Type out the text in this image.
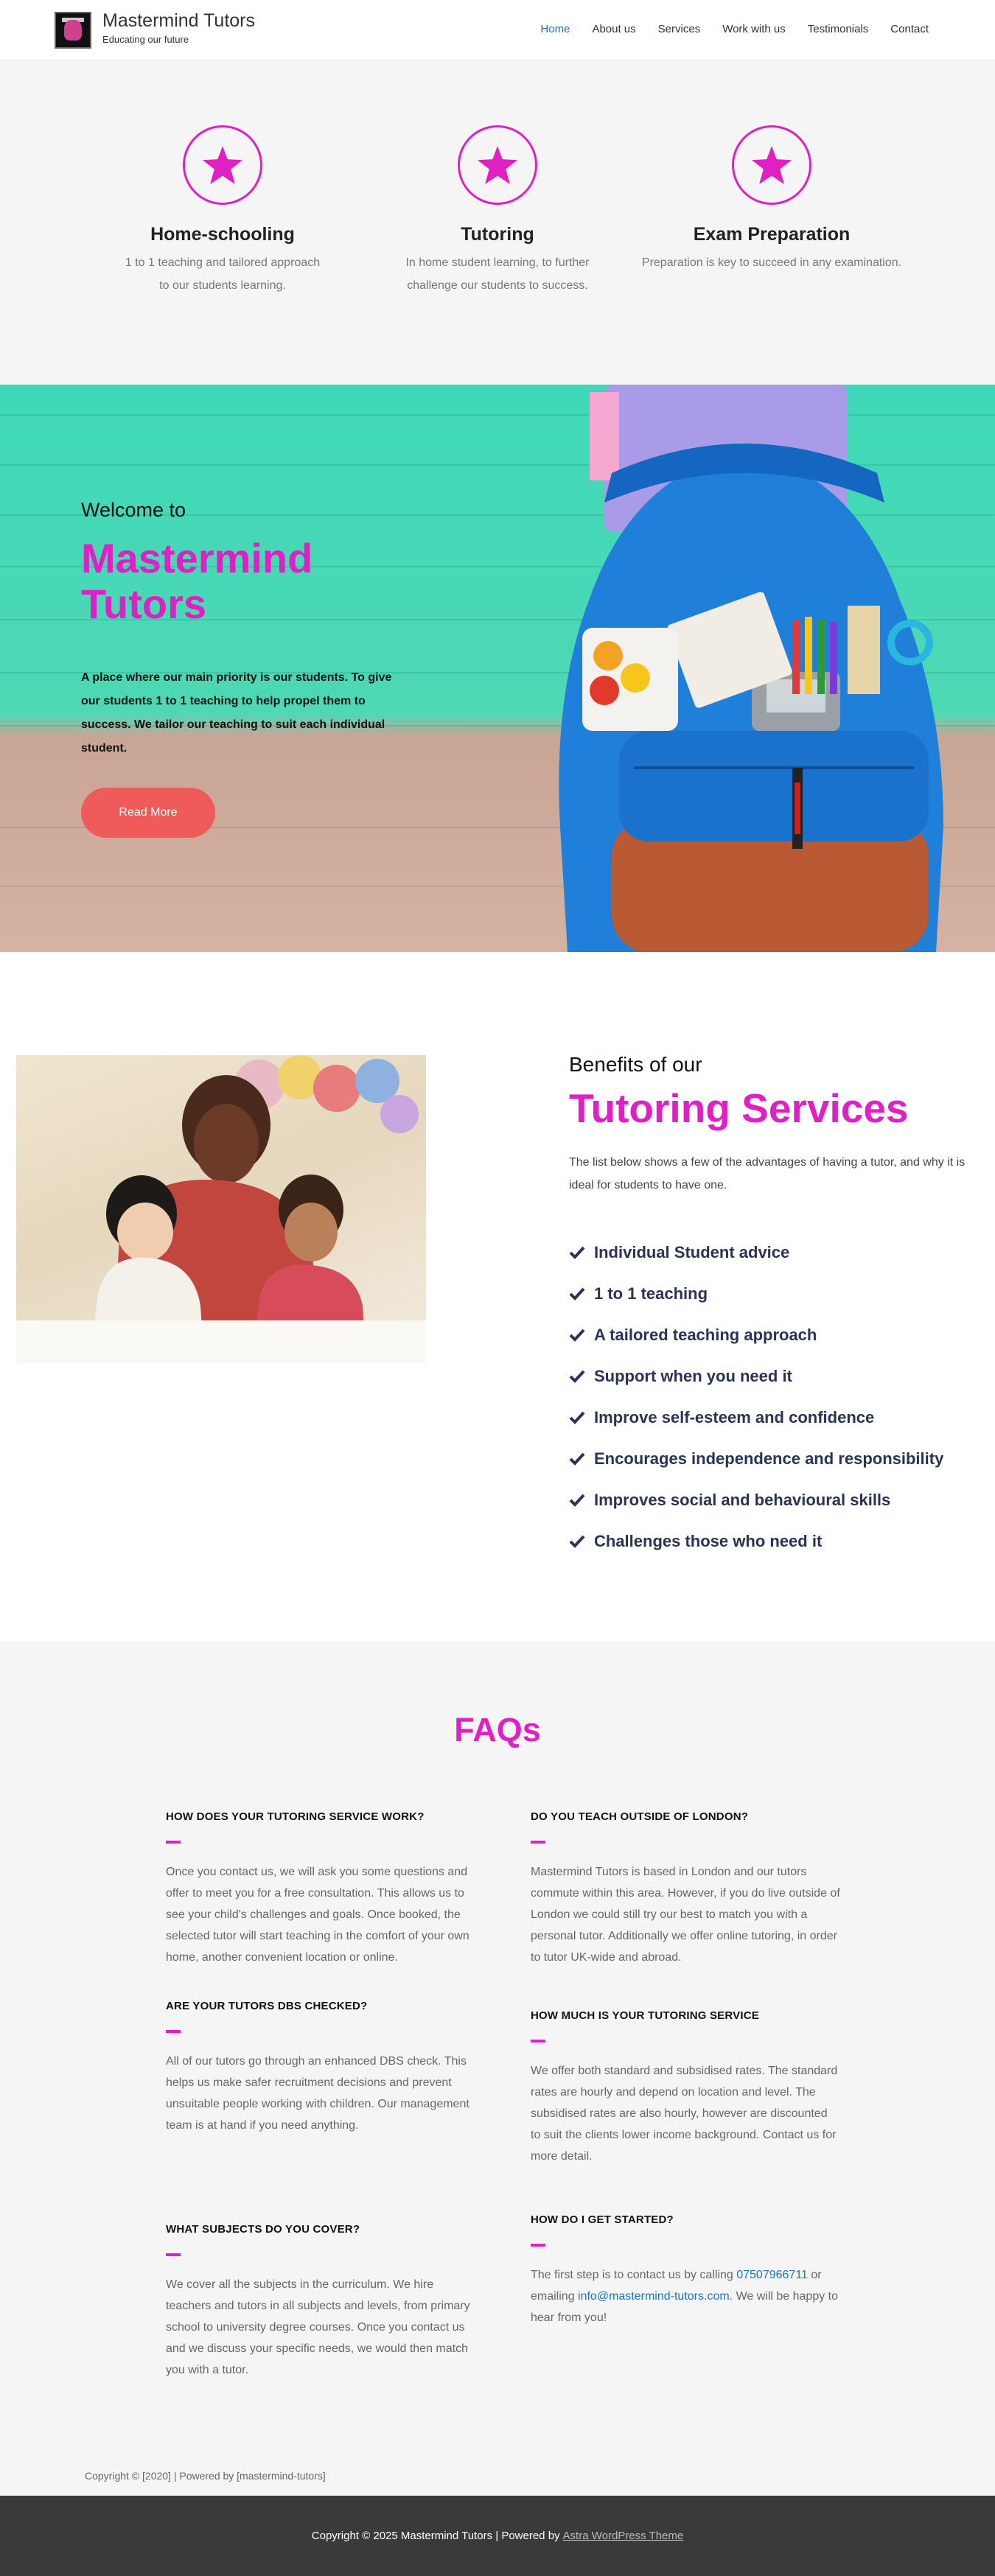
Mastermind Tutors
Educating our future
Home About us Services Work with us Testimonials Contact
Home-schooling

1 to 1 teaching and tailored approach to our students learning.

Tutoring

In home student learning, to further challenge our students to success.

Exam Preparation

Preparation is key to succeed in any examination.

Welcome to
Mastermind Tutors
A place where our main priority is our students. To give our students 1 to 1 teaching to help propel them to success. We tailor our teaching to suit each individual student.
Read More
Benefits of our
Tutoring Services
The list below shows a few of the advantages of having a tutor, and why it is ideal for students to have one.
Individual Student advice
1 to 1 teaching
A tailored teaching approach
Support when you need it
Improve self-esteem and confidence
Encourages independence and responsibility
Improves social and behavioural skills
Challenges those who need it
FAQs
HOW DOES YOUR TUTORING SERVICE WORK?

Once you contact us, we will ask you some questions and offer to meet you for a free consultation. This allows us to see your child's challenges and goals. Once booked, the selected tutor will start teaching in the comfort of your own home, another convenient location or online.

DO YOU TEACH OUTSIDE OF LONDON?

Mastermind Tutors is based in London and our tutors commute within this area. However, if you do live outside of London we could still try our best to match you with a personal tutor. Additionally we offer online tutoring, in order to tutor UK-wide and abroad.

ARE YOUR TUTORS DBS CHECKED?

All of our tutors go through an enhanced DBS check. This helps us make safer recruitment decisions and prevent unsuitable people working with children. Our management team is at hand if you need anything.

HOW MUCH IS YOUR TUTORING SERVICE

We offer both standard and subsidised rates. The standard rates are hourly and depend on location and level. The subsidised rates are also hourly, however are discounted to suit the clients lower income background. Contact us for more detail.

WHAT SUBJECTS DO YOU COVER?

We cover all the subjects in the curriculum. We hire teachers and tutors in all subjects and levels, from primary school to university degree courses. Once you contact us and we discuss your specific needs, we would then match you with a tutor.

HOW DO I GET STARTED?

The first step is to contact us by calling 07507966711 or emailing info@mastermind-tutors.com. We will be happy to hear from you!

Copyright © [2020] | Powered by [mastermind-tutors]
Copyright © 2025 Mastermind Tutors | Powered by Astra WordPress Theme
